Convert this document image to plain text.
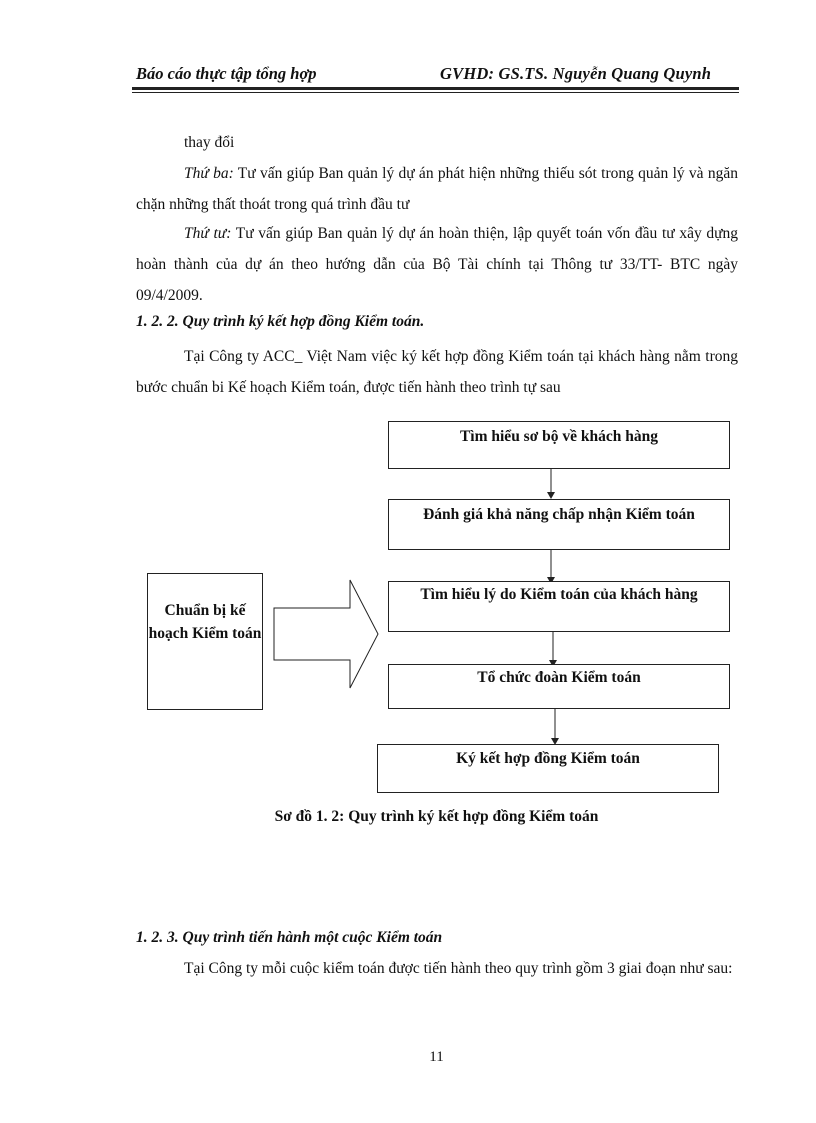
Báo cáo thực tập tổng hợp	GVHD: GS.TS. Nguyễn Quang Quynh
thay đổi
Thứ ba: Tư vấn giúp Ban quản lý dự án phát hiện những thiếu sót trong quản lý và ngăn chặn những thất thoát trong quá trình đầu tư
Thứ tư: Tư vấn giúp Ban quản lý dự án hoàn thiện, lập quyết toán vốn đầu tư xây dựng hoàn thành của dự án theo hướng dẫn của Bộ Tài chính tại Thông tư 33/TT- BTC ngày 09/4/2009.
1. 2. 2. Quy trình ký kết hợp đồng Kiểm toán.
Tại Công ty ACC_ Việt Nam việc ký kết hợp đồng Kiểm toán tại khách hàng nằm trong bước chuẩn bi Kế hoạch Kiểm toán, được tiến hành theo trình tự sau
Chuẩn bị kế hoạch Kiểm toán
Tìm hiểu sơ bộ về khách hàng
Đánh giá khả năng chấp nhận Kiểm toán
Tìm hiểu lý do Kiểm toán của khách hàng
Tổ chức đoàn Kiểm toán
Ký kết hợp đồng Kiểm toán
Sơ đồ 1. 2: Quy trình ký kết hợp đồng Kiểm toán
1. 2. 3. Quy trình tiến hành một cuộc Kiểm toán
Tại Công ty mỗi cuộc kiểm toán được tiến hành theo quy trình gồm 3 giai đoạn như sau:
11
